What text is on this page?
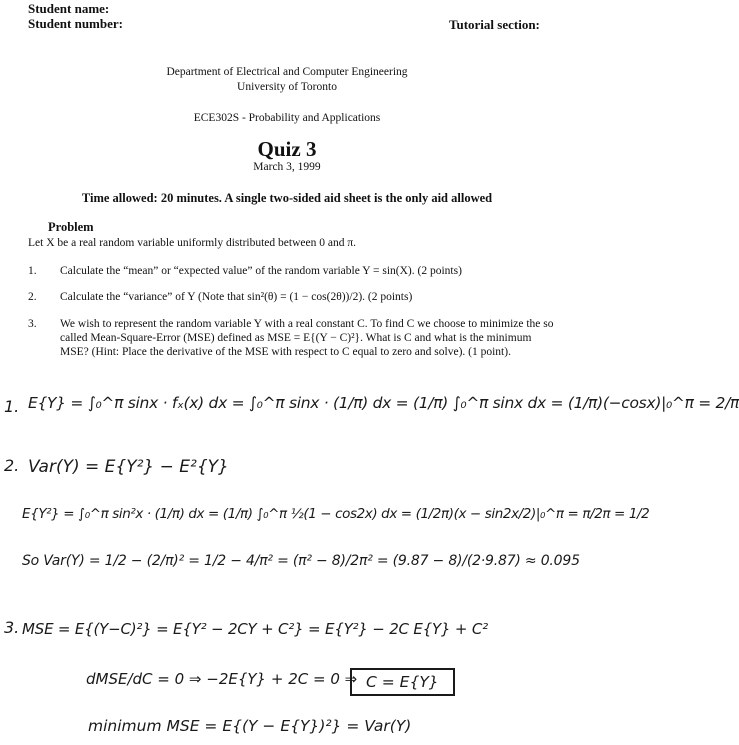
Student name:
Student number:	Tutorial section:
Department of Electrical and Computer Engineering
University of Toronto
ECE302S - Probability and Applications
Quiz 3
March 3, 1999
Time allowed: 20 minutes. A single two-sided aid sheet is the only aid allowed
Problem
Let X be a real random variable uniformly distributed between 0 and π.
1.	Calculate the “mean” or “expected value” of the random variable Y = sin(X). (2 points)
2.	Calculate the “variance” of Y (Note that sin²(θ) = (1 − cos(2θ))/2). (2 points)
3.	We wish to represent the random variable Y with a real constant C. To find C we choose to minimize the so called Mean-Square-Error (MSE) defined as MSE = E{(Y − C)²}. What is C and what is the minimum MSE? (Hint: Place the derivative of the MSE with respect to C equal to zero and solve). (1 point).
1. E{Y} = ∫₀^π sinx · fₓ(x) dx = ∫₀^π sinx · (1/π) dx = (1/π) ∫₀^π sinx dx = (1/π)(−cosx)|₀^π = 2/π
2. Var(Y) = E{Y²} − E²{Y}
E{Y²} = ∫₀^π sin²x · (1/π) dx = (1/π) ∫₀^π ½(1 − cos2x) dx = (1/2π)(x − sin2x/2)|₀^π = π/2π = 1/2
So Var(Y) = 1/2 − (2/π)² = 1/2 − 4/π² = (π² − 8)/2π² = (9.87 − 8)/(2·9.87) ≈ 0.095
3. MSE = E{(Y−C)²} = E{Y² − 2CY + C²} = E{Y²} − 2C E{Y} + C²
dMSE/dC = 0 ⇒ −2E{Y} + 2C = 0 ⇒ C = E{Y}
minimum MSE = E{(Y − E{Y})²} = Var(Y)
